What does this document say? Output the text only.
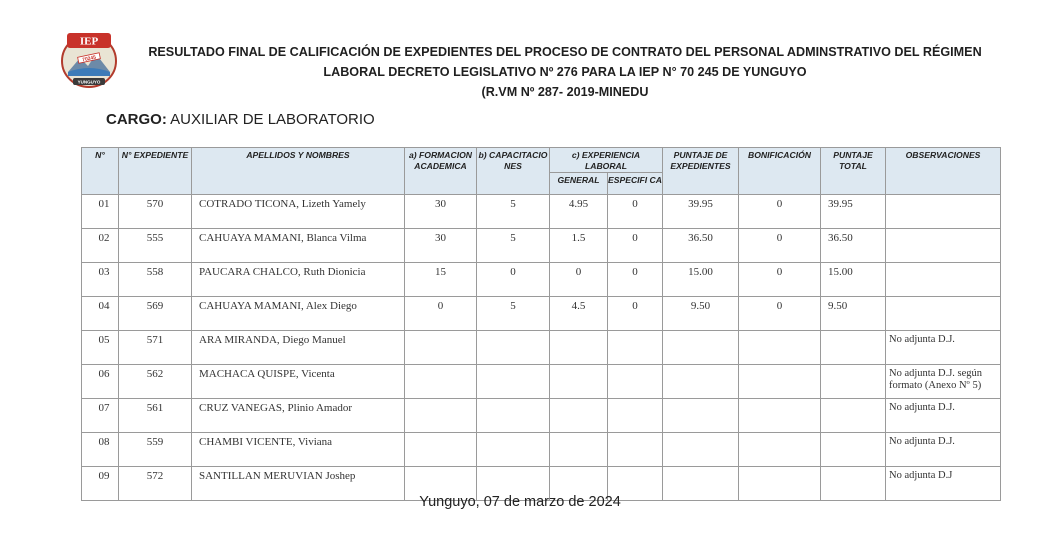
IEP
70245
YUNGUYO
RESULTADO FINAL DE CALIFICACIÓN DE EXPEDIENTES DEL PROCESO DE CONTRATO DEL PERSONAL ADMINSTRATIVO DEL RÉGIMEN
LABORAL DECRETO LEGISLATIVO Nº 276 PARA LA IEP N° 70 245 DE YUNGUYO
(R.VM Nº 287- 2019-MINEDU
CARGO: AUXILIAR DE LABORATORIO
N°	N° EXPEDIENTE	APELLIDOS Y NOMBRES	a) FORMACION ACADEMICA	b) CAPACITACIO NES	c) EXPERIENCIA LABORAL		PUNTAJE DE EXPEDIENTES	BONIFICACIÓN	PUNTAJE TOTAL	OBSERVACIONES
					GENERAL	ESPECIFI CA				
01	570	COTRADO TICONA, Lizeth Yamely	30	5	4.95	0	39.95	0	39.95	
02	555	CAHUAYA MAMANI, Blanca Vilma	30	5	1.5	0	36.50	0	36.50	
03	558	PAUCARA CHALCO, Ruth Dionicia	15	0	0	0	15.00	0	15.00	
04	569	CAHUAYA MAMANI, Alex Diego	0	5	4.5	0	9.50	0	9.50	
05	571	ARA MIRANDA, Diego Manuel								No adjunta D.J.
06	562	MACHACA QUISPE, Vicenta								No adjunta D.J. según formato (Anexo Nº 5)
07	561	CRUZ VANEGAS, Plinio Amador								No adjunta D.J.
08	559	CHAMBI VICENTE, Viviana								No adjunta D.J.
09	572	SANTILLAN MERUVIAN Joshep								No adjunta D.J
Yunguyo, 07 de marzo de 2024
